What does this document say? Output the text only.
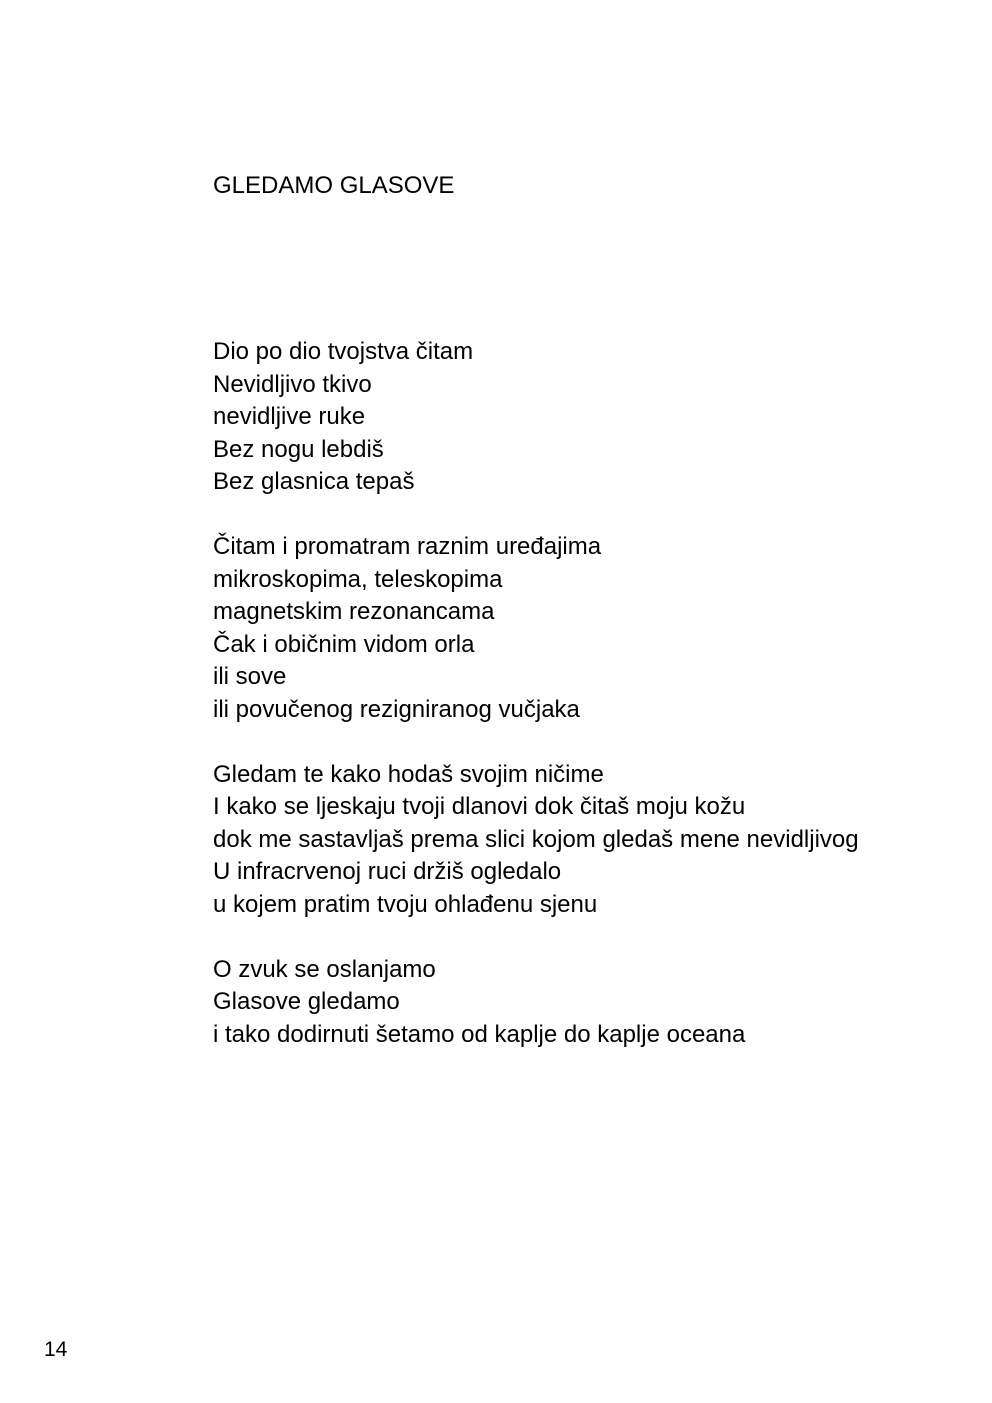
GLEDAMO GLASOVE
Dio po dio tvojstva čitam
Nevidljivo tkivo
nevidljive ruke
Bez nogu lebdiš
Bez glasnica tepaš
Čitam i promatram raznim uređajima
mikroskopima, teleskopima
magnetskim rezonancama
Čak i običnim vidom orla
ili sove
ili povučenog rezigniranog vučjaka
Gledam te kako hodaš svojim ničime
I kako se ljeskaju tvoji dlanovi dok čitaš moju kožu
dok me sastavljaš prema slici kojom gledaš mene nevidljivog
U infracrvenoj ruci držiš ogledalo
u kojem pratim tvoju ohlađenu sjenu
O zvuk se oslanjamo
Glasove gledamo
i tako dodirnuti šetamo od kaplje do kaplje oceana
14
